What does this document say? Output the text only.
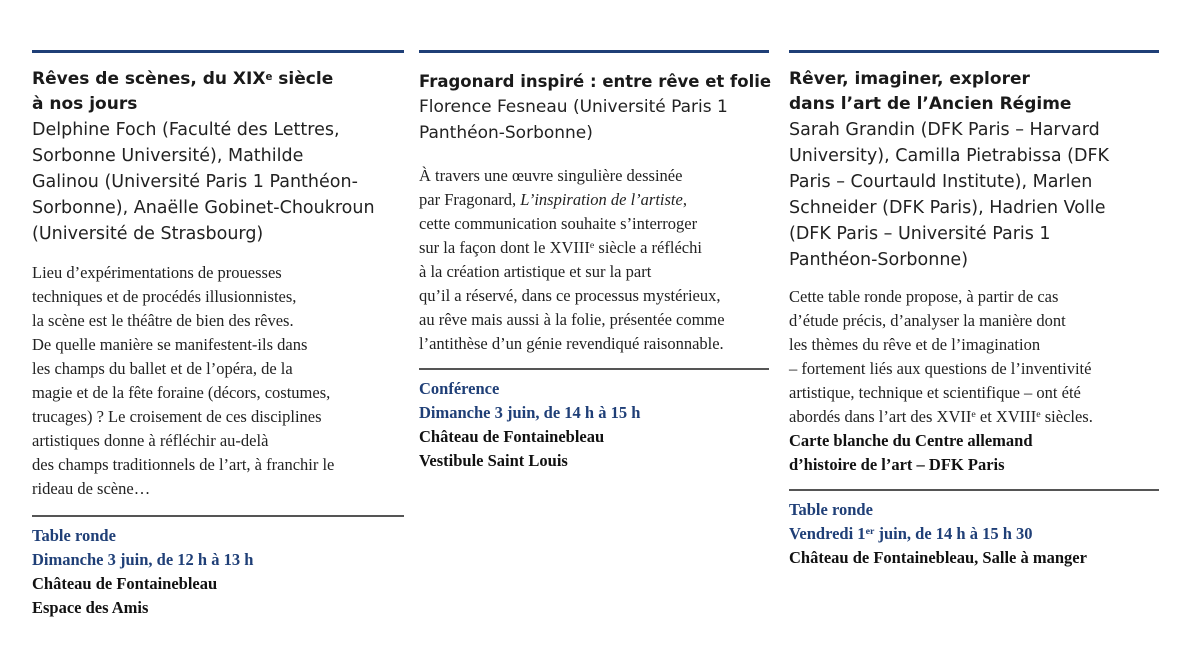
Rêves de scènes, du XIXe siècle
à nos jours
Delphine Foch (Faculté des Lettres,
Sorbonne Université), Mathilde
Galinou (Université Paris 1 Panthéon-
Sorbonne), Anaëlle Gobinet-Choukroun
(Université de Strasbourg)
Lieu d’expérimentations de prouesses
techniques et de procédés illusionnistes,
la scène est le théâtre de bien des rêves.
De quelle manière se manifestent-ils dans
les champs du ballet et de l’opéra, de la
magie et de la fête foraine (décors, costumes,
trucages) ? Le croisement de ces disciplines
artistiques donne à réfléchir au-delà
des champs traditionnels de l’art, à franchir le
rideau de scène…
Table ronde
Dimanche 3 juin, de 12 h à 13 h
Château de Fontainebleau
Espace des Amis
Fragonard inspiré : entre rêve et folie
Florence Fesneau (Université Paris 1
Panthéon-Sorbonne)
À travers une œuvre singulière dessinée
par Fragonard, L’inspiration de l’artiste,
cette communication souhaite s’interroger
sur la façon dont le XVIIIe siècle a réfléchi
à la création artistique et sur la part
qu’il a réservé, dans ce processus mystérieux,
au rêve mais aussi à la folie, présentée comme
l’antithèse d’un génie revendiqué raisonnable.
Conférence
Dimanche 3 juin, de 14 h à 15 h
Château de Fontainebleau
Vestibule Saint Louis
Rêver, imaginer, explorer
dans l’art de l’Ancien Régime
Sarah Grandin (DFK Paris – Harvard
University), Camilla Pietrabissa (DFK
Paris – Courtauld Institute), Marlen
Schneider (DFK Paris), Hadrien Volle
(DFK Paris – Université Paris 1
Panthéon-Sorbonne)
Cette table ronde propose, à partir de cas
d’étude précis, d’analyser la manière dont
les thèmes du rêve et de l’imagination
– fortement liés aux questions de l’inventivité
artistique, technique et scientifique – ont été
abordés dans l’art des XVIIe et XVIIIe siècles.
Carte blanche du Centre allemand
d’histoire de l’art – DFK Paris
Table ronde
Vendredi 1er juin, de 14 h à 15 h 30
Château de Fontainebleau, Salle à manger
